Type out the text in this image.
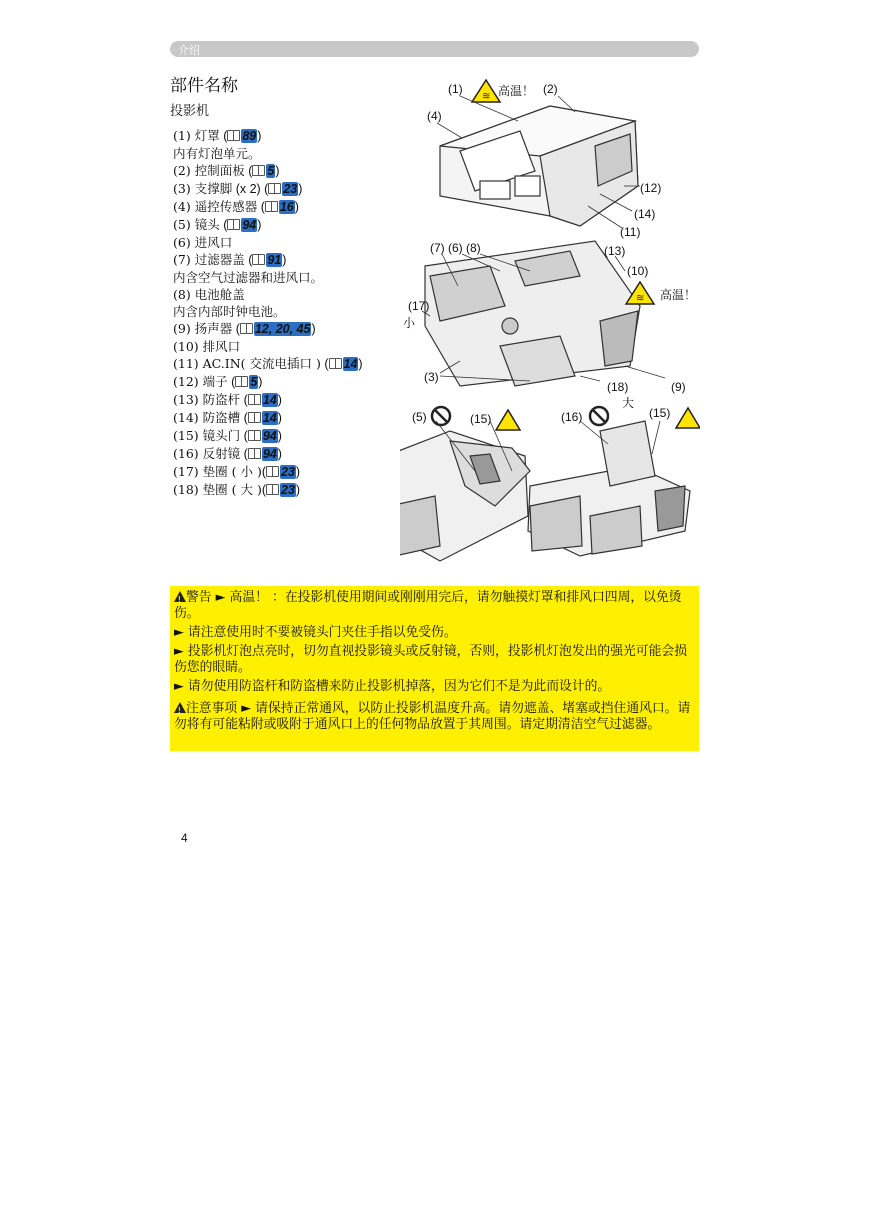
介绍
部件名称
投影机
(1) 灯罩 ( 89)
内有灯泡单元。
(2) 控制面板 ( 5)
(3) 支撑脚 (x 2) ( 23)
(4) 遥控传感器 ( 16)
(5) 镜头 ( 94)
(6) 进风口
(7) 过滤器盖 ( 91)
内含空气过滤器和进风口。
(8) 电池舱盖
内含内部时钟电池。
(9) 扬声器 ( 12, 20, 45)
(10) 排风口
(11) AC.IN( 交流电插口 ) ( 14)
(12) 端子 ( 5)
(13) 防盗杆 ( 14)
(14) 防盗槽 ( 14)
(15) 镜头门 ( 94)
(16) 反射镜 ( 94)
(17) 垫圈 ( 小 )( 23)
(18) 垫圈 ( 大 )( 23)
≋
≋
(1)	高温！ (2)
(4)
(12)
(14)
(11)
(7) (6) (8)	(13)
(10)
高温！
(17)
小
(3)
(18)
大
(9)
(5)	(15)	(16)	(15)

!警告 ► 高温！ ：在投影机使用期间或刚刚用完后，请勿触摸灯罩和排风口四周，以免烫伤。

► 请注意使用时不要被镜头门夹住手指以免受伤。

► 投影机灯泡点亮时，切勿直视投影镜头或反射镜，否则，投影机灯泡发出的强光可能会损伤您的眼睛。

► 请勿使用防盗杆和防盗槽来防止投影机掉落，因为它们不是为此而设计的。

!注意事项 ► 请保持正常通风，以防止投影机温度升高。请勿遮盖、堵塞或挡住通风口。请勿将有可能粘附或吸附于通风口上的任何物品放置于其周围。请定期清洁空气过滤器。

4
